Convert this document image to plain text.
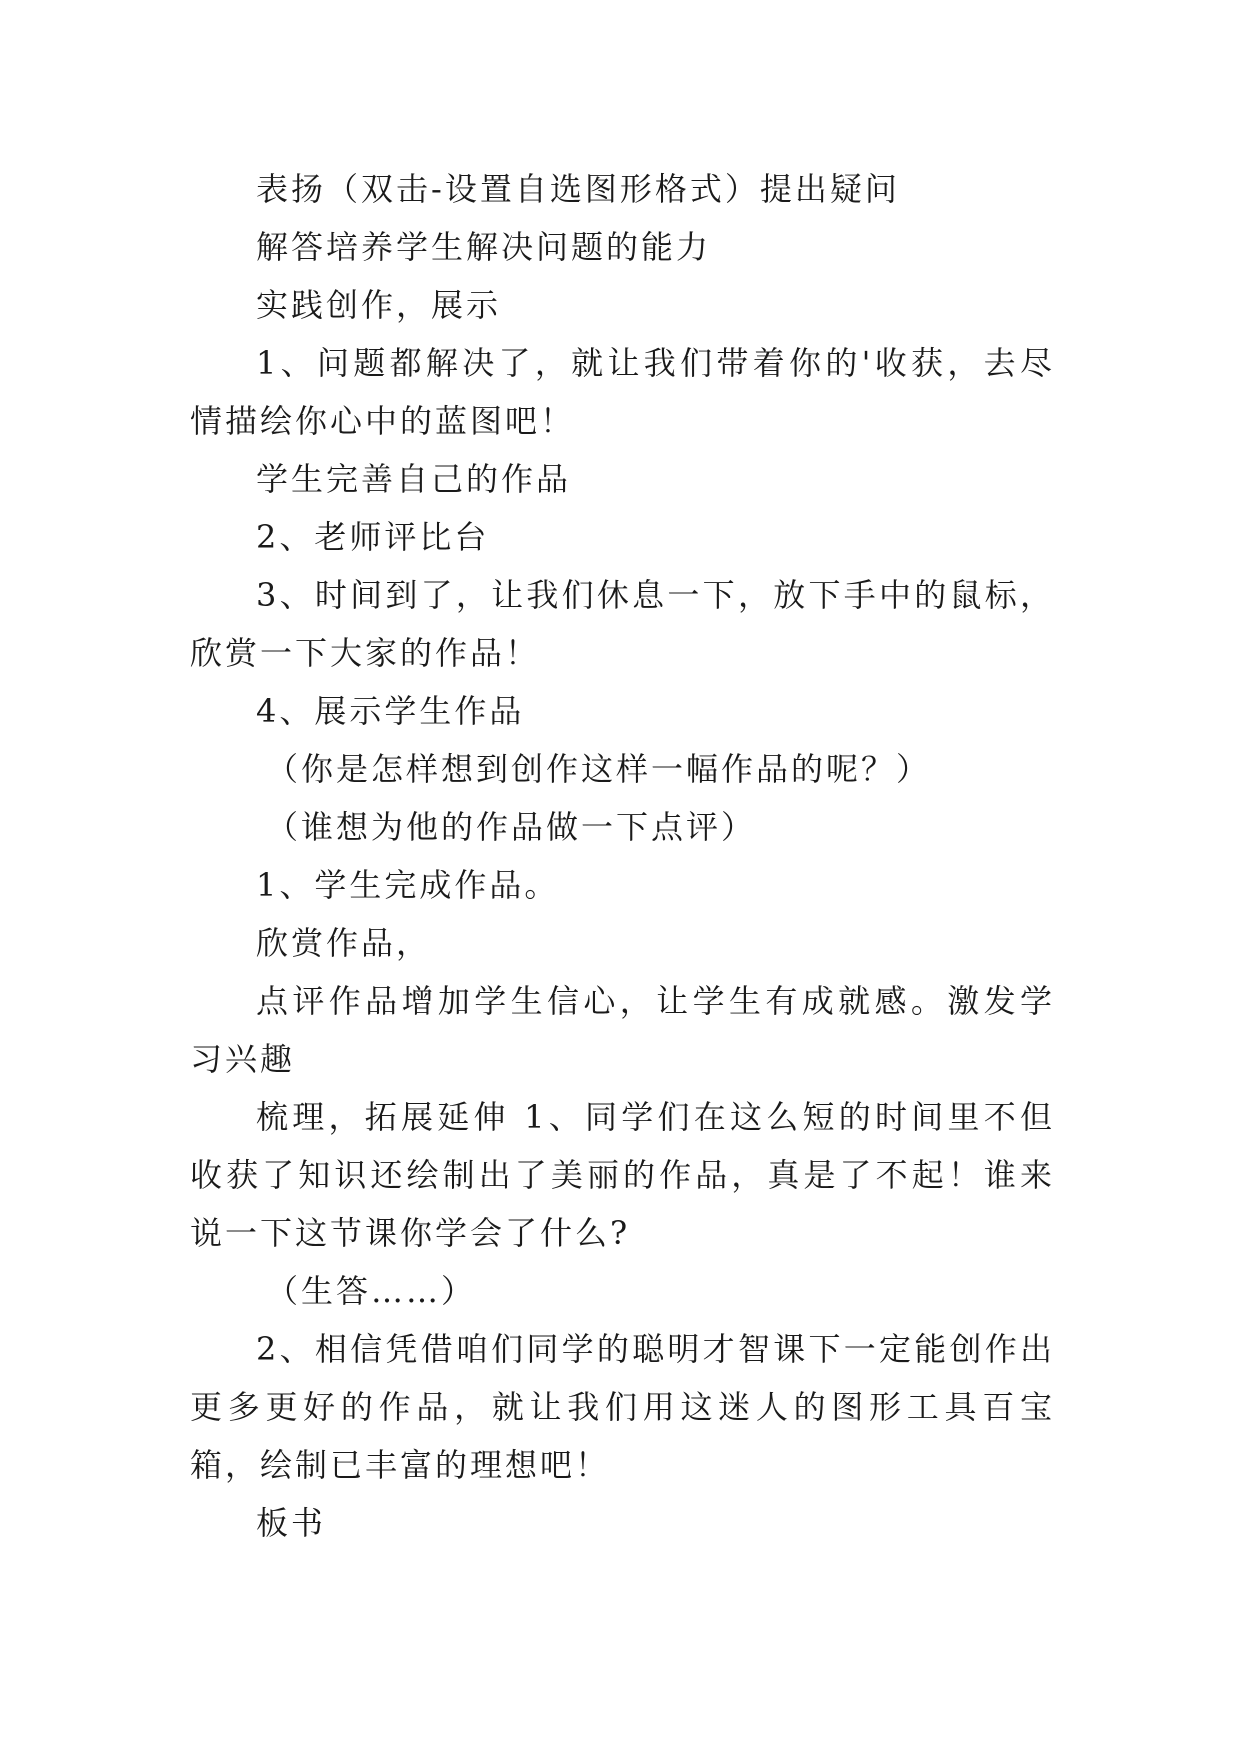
表扬（双击-设置自选图形格式）提出疑问

解答培养学生解决问题的能力

实践创作，展示

1、问题都解决了，就让我们带着你的'收获，去尽情描绘你心中的蓝图吧！

学生完善自己的作品

2、老师评比台

3、时间到了，让我们休息一下，放下手中的鼠标，欣赏一下大家的作品！

4、展示学生作品

（你是怎样想到创作这样一幅作品的呢？）

（谁想为他的作品做一下点评）

1、学生完成作品。

欣赏作品，

点评作品增加学生信心，让学生有成就感。激发学习兴趣

梳理，拓展延伸 1、同学们在这么短的时间里不但收获了知识还绘制出了美丽的作品，真是了不起！谁来说一下这节课你学会了什么?

（生答……）

2、相信凭借咱们同学的聪明才智课下一定能创作出更多更好的作品，就让我们用这迷人的图形工具百宝箱，绘制已丰富的理想吧！

板书
